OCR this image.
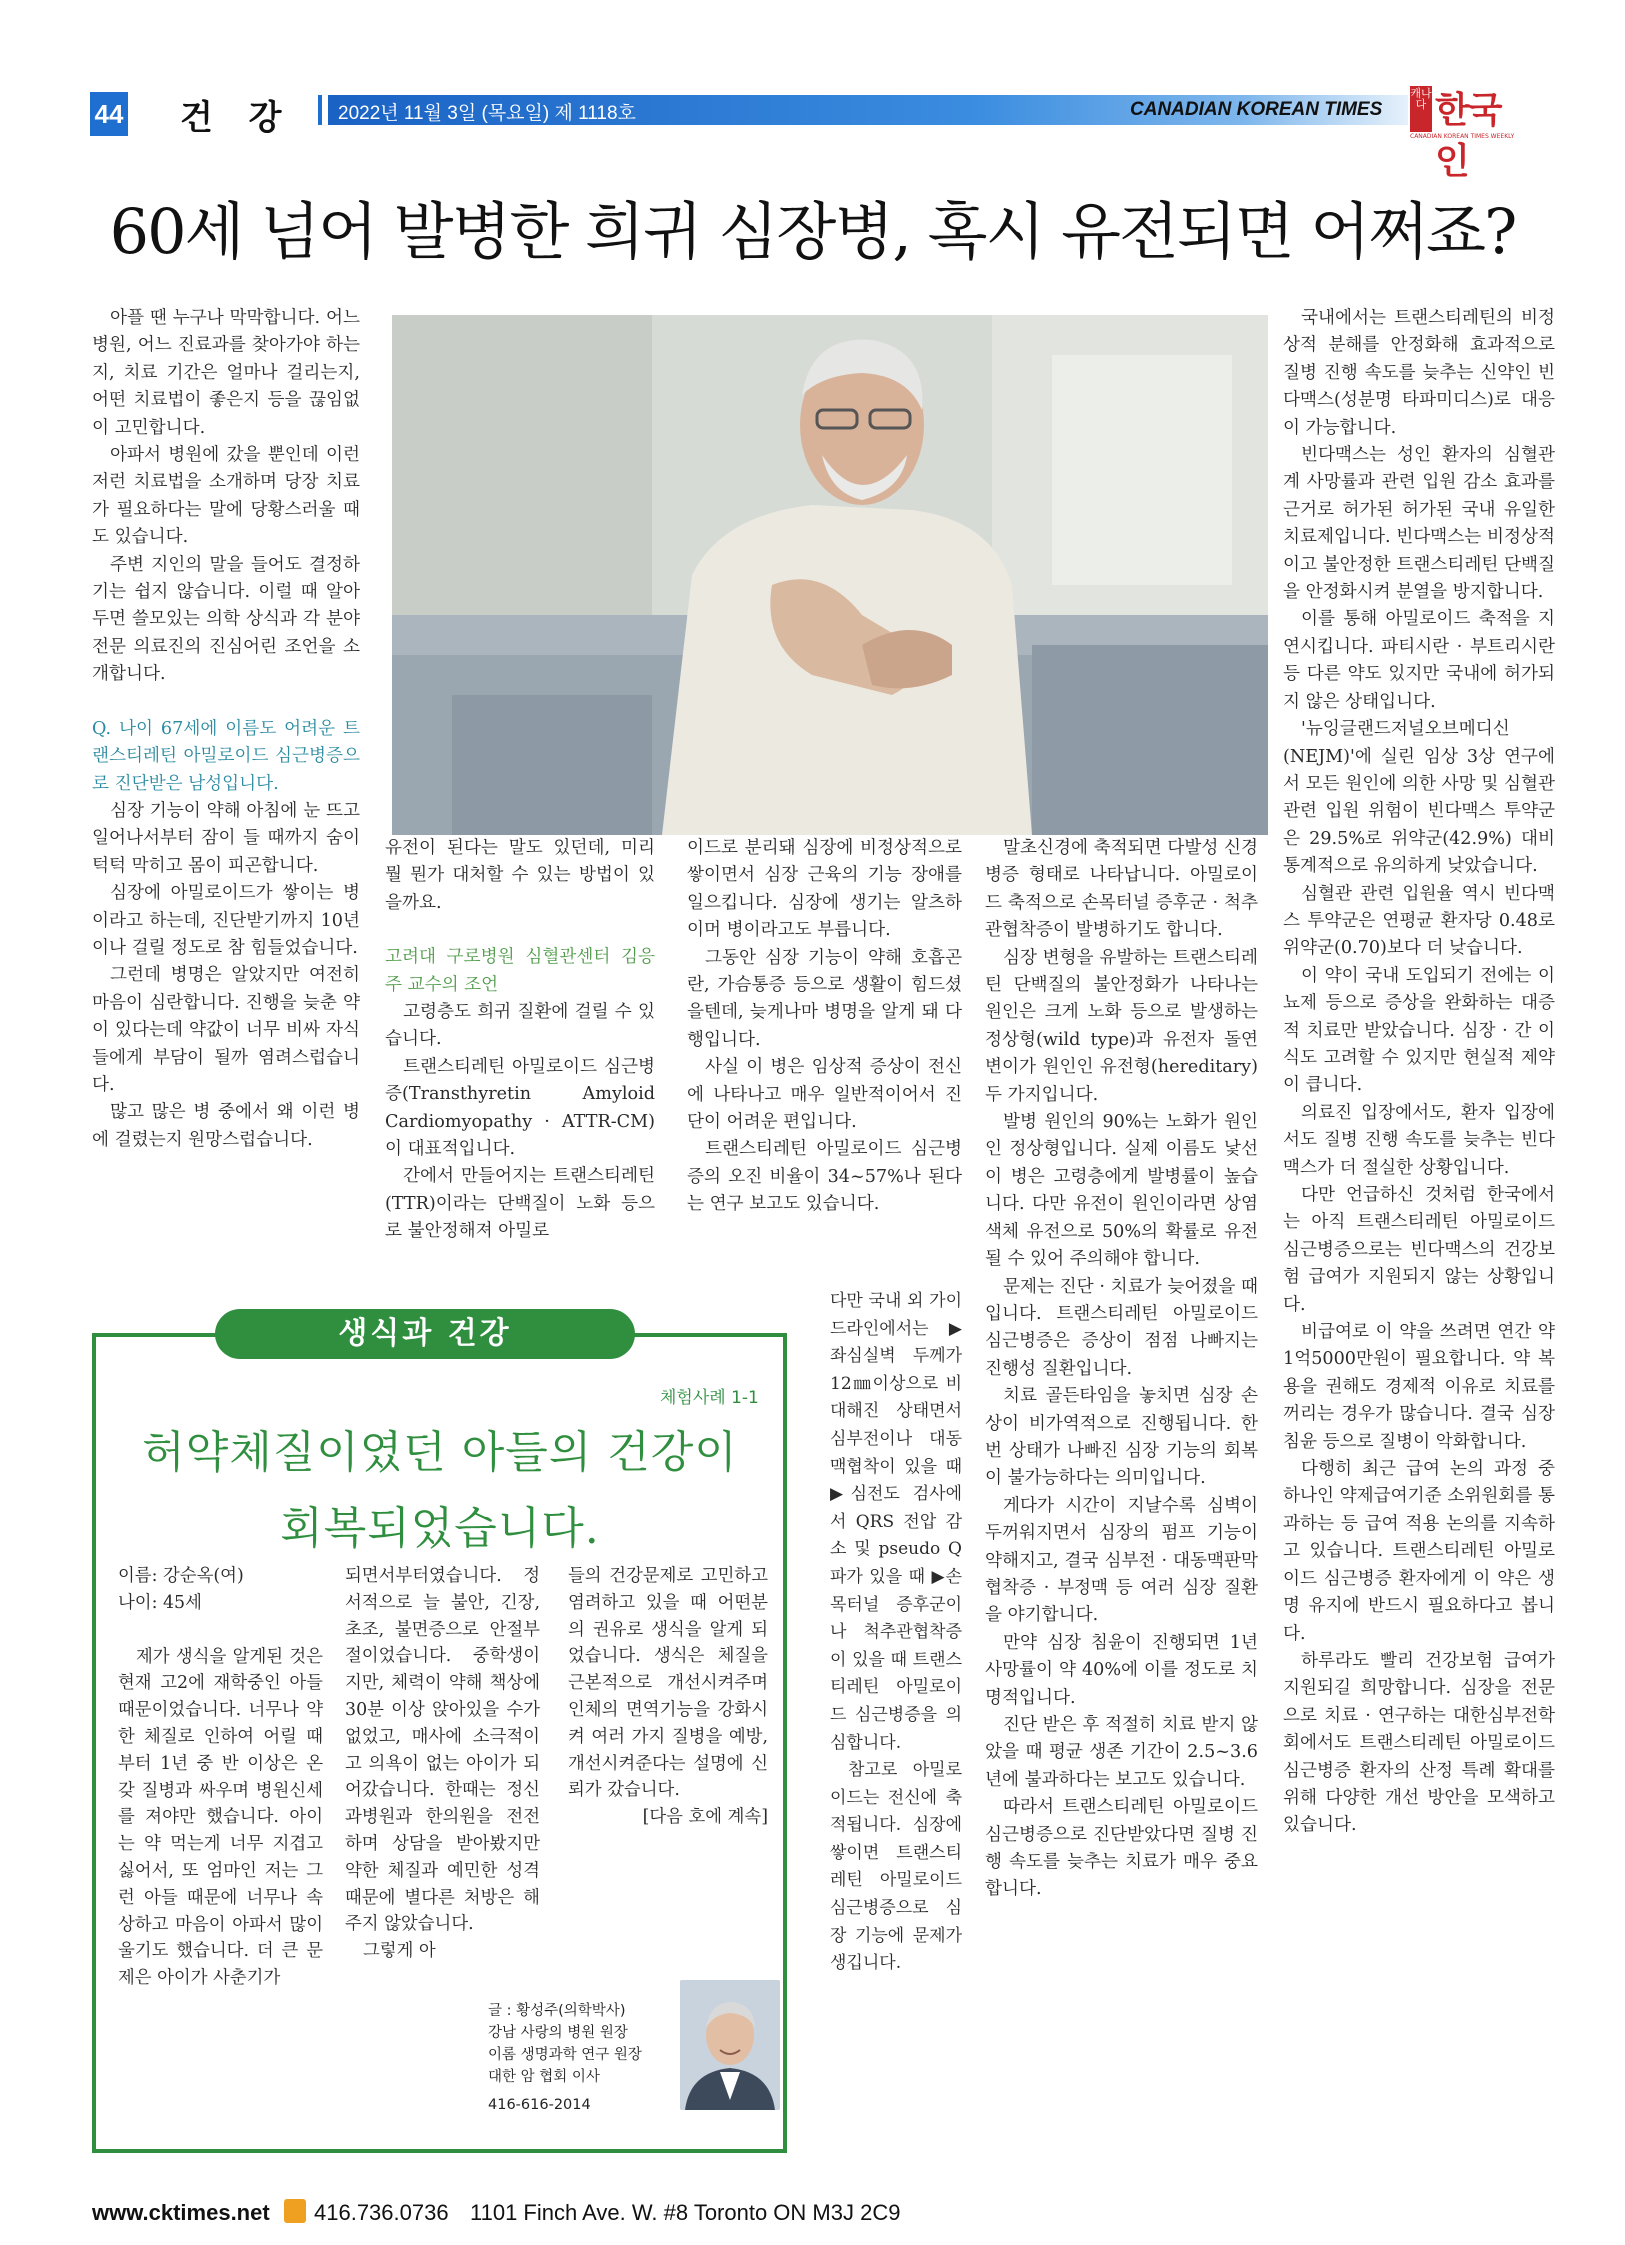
44 건 강 2022년 11월 3일 (목요일) 제 1118호	CANADIAN KOREAN TIMES
캐나다 한국인
CANADIAN KOREAN TIMES WEEKLY
60세 넘어 발병한 희귀 심장병, 혹시 유전되면 어쩌죠?

아플 땐 누구나 막막합니다. 어느 병원, 어느 진료과를 찾아가야 하는지, 치료 기간은 얼마나 걸리는지, 어떤 치료법이 좋은지 등을 끊임없이 고민합니다.

아파서 병원에 갔을 뿐인데 이런저런 치료법을 소개하며 당장 치료가 필요하다는 말에 당황스러울 때도 있습니다.

주변 지인의 말을 들어도 결정하기는 쉽지 않습니다. 이럴 때 알아두면 쓸모있는 의학 상식과 각 분야 전문 의료진의 진심어린 조언을 소개합니다.

Q. 나이 67세에 이름도 어려운 트랜스티레틴 아밀로이드 심근병증으로 진단받은 남성입니다.

심장 기능이 약해 아침에 눈 뜨고 일어나서부터 잠이 들 때까지 숨이 턱턱 막히고 몸이 피곤합니다.

심장에 아밀로이드가 쌓이는 병이라고 하는데, 진단받기까지 10년이나 걸릴 정도로 참 힘들었습니다.

그런데 병명은 알았지만 여전히 마음이 심란합니다. 진행을 늦춘 약이 있다는데 약값이 너무 비싸 자식들에게 부담이 될까 염려스럽습니다.

많고 많은 병 중에서 왜 이런 병에 걸렸는지 원망스럽습니다.

유전이 된다는 말도 있던데, 미리 뭘 뭔가 대처할 수 있는 방법이 있을까요.

고려대 구로병원 심혈관센터 김응주 교수의 조언

고령층도 희귀 질환에 걸릴 수 있습니다.

트랜스티레틴 아밀로이드 심근병증(Transthyretin Amyloid Cardiomyopathy · ATTR-CM)이 대표적입니다.

간에서 만들어지는 트랜스티레틴(TTR)이라는 단백질이 노화 등으로 불안정해져 아밀로

이드로 분리돼 심장에 비정상적으로 쌓이면서 심장 근육의 기능 장애를 일으킵니다. 심장에 생기는 알츠하이머 병이라고도 부릅니다.

그동안 심장 기능이 약해 호흡곤란, 가슴통증 등으로 생활이 힘드셨을텐데, 늦게나마 병명을 알게 돼 다행입니다.

사실 이 병은 임상적 증상이 전신에 나타나고 매우 일반적이어서 진단이 어려운 편입니다.

트랜스티레틴 아밀로이드 심근병증의 오진 비율이 34~57%나 된다는 연구 보고도 있습니다.

다만 국내 외 가이드라인에서는 ▶좌심실벽 두께가 12㎜이상으로 비대해진 상태면서 심부전이나 대동맥협착이 있을 때 ▶심전도 검사에서 QRS 전압 감소 및 pseudo Q파가 있을 때 ▶손목터널 증후군이나 척추관협착증이 있을 때 트랜스티레틴 아밀로이드 심근병증을 의심합니다.

참고로 아밀로이드는 전신에 축적됩니다. 심장에 쌓이면 트랜스티레틴 아밀로이드 심근병증으로 심장 기능에 문제가 생깁니다.

말초신경에 축적되면 다발성 신경병증 형태로 나타납니다. 아밀로이드 축적으로 손목터널 증후군 · 척추관협착증이 발병하기도 합니다.

심장 변형을 유발하는 트랜스티레틴 단백질의 불안정화가 나타나는 원인은 크게 노화 등으로 발생하는 정상형(wild type)과 유전자 돌연변이가 원인인 유전형(hereditary) 두 가지입니다.

발병 원인의 90%는 노화가 원인인 정상형입니다. 실제 이름도 낯선 이 병은 고령층에게 발병률이 높습니다. 다만 유전이 원인이라면 상염색체 유전으로 50%의 확률로 유전될 수 있어 주의해야 합니다.

문제는 진단 · 치료가 늦어졌을 때입니다. 트랜스티레틴 아밀로이드 심근병증은 증상이 점점 나빠지는 진행성 질환입니다.

치료 골든타임을 놓치면 심장 손상이 비가역적으로 진행됩니다. 한 번 상태가 나빠진 심장 기능의 회복이 불가능하다는 의미입니다.

게다가 시간이 지날수록 심벽이 두꺼워지면서 심장의 펌프 기능이 약해지고, 결국 심부전 · 대동맥판막협착증 · 부정맥 등 여러 심장 질환을 야기합니다.

만약 심장 침윤이 진행되면 1년 사망률이 약 40%에 이를 정도로 치명적입니다.

진단 받은 후 적절히 치료 받지 않았을 때 평균 생존 기간이 2.5~3.6년에 불과하다는 보고도 있습니다.

따라서 트랜스티레틴 아밀로이드 심근병증으로 진단받았다면 질병 진행 속도를 늦추는 치료가 매우 중요합니다.

국내에서는 트랜스티레틴의 비정상적 분해를 안정화해 효과적으로 질병 진행 속도를 늦추는 신약인 빈다맥스(성분명 타파미디스)로 대응이 가능합니다.

빈다맥스는 성인 환자의 심혈관계 사망률과 관련 입원 감소 효과를 근거로 허가된 허가된 국내 유일한 치료제입니다. 빈다맥스는 비정상적이고 불안정한 트랜스티레틴 단백질을 안정화시켜 분열을 방지합니다.

이를 통해 아밀로이드 축적을 지연시킵니다. 파티시란 · 부트리시란 등 다른 약도 있지만 국내에 허가되지 않은 상태입니다.

'뉴잉글랜드저널오브메디신(NEJM)'에 실린 임상 3상 연구에서 모든 원인에 의한 사망 및 심혈관 관련 입원 위험이 빈다맥스 투약군은 29.5%로 위약군(42.9%) 대비 통계적으로 유의하게 낮았습니다.

심혈관 관련 입원율 역시 빈다맥스 투약군은 연평균 환자당 0.48로 위약군(0.70)보다 더 낮습니다.

이 약이 국내 도입되기 전에는 이뇨제 등으로 증상을 완화하는 대증적 치료만 받았습니다. 심장 · 간 이식도 고려할 수 있지만 현실적 제약이 큽니다.

의료진 입장에서도, 환자 입장에서도 질병 진행 속도를 늦추는 빈다맥스가 더 절실한 상황입니다.

다만 언급하신 것처럼 한국에서는 아직 트랜스티레틴 아밀로이드 심근병증으로는 빈다맥스의 건강보험 급여가 지원되지 않는 상황입니다.

비급여로 이 약을 쓰려면 연간 약 1억5000만원이 필요합니다. 약 복용을 권해도 경제적 이유로 치료를 꺼리는 경우가 많습니다. 결국 심장 침윤 등으로 질병이 악화합니다.

다행히 최근 급여 논의 과정 중 하나인 약제급여기준 소위원회를 통과하는 등 급여 적용 논의를 지속하고 있습니다. 트랜스티레틴 아밀로이드 심근병증 환자에게 이 약은 생명 유지에 반드시 필요하다고 봅니다.

하루라도 빨리 건강보험 급여가 지원되길 희망합니다. 심장을 전문으로 치료 · 연구하는 대한심부전학회에서도 트랜스티레틴 아밀로이드 심근병증 환자의 산정 특례 확대를 위해 다양한 개선 방안을 모색하고 있습니다.

생식과 건강
체험사례 1-1
허약체질이였던 아들의 건강이
회복되었습니다.

이름: 강순옥(여)

나이: 45세

제가 생식을 알게된 것은 현재 고2에 재학중인 아들 때문이었습니다. 너무나 약한 체질로 인하여 어릴 때부터 1년 중 반 이상은 온갖 질병과 싸우며 병원신세를 져야만 했습니다. 아이는 약 먹는게 너무 지겹고 싫어서, 또 엄마인 저는 그런 아들 때문에 너무나 속상하고 마음이 아파서 많이 울기도 했습니다. 더 큰 문제은 아이가 사춘기가

되면서부터였습니다. 정서적으로 늘 불안, 긴장, 초조, 불면증으로 안절부절이었습니다. 중학생이지만, 체력이 약해 책상에 30분 이상 앉아있을 수가 없었고, 매사에 소극적이고 의욕이 없는 아이가 되어갔습니다. 한때는 정신과병원과 한의원을 전전하며 상담을 받아봤지만 약한 체질과 예민한 성격 때문에 별다른 처방은 해주지 않았습니다.

그렇게 아

들의 건강문제로 고민하고 염려하고 있을 때 어떤분의 권유로 생식을 알게 되었습니다. 생식은 체질을 근본적으로 개선시켜주며 인체의 면역기능을 강화시켜 여러 가지 질병을 예방, 개선시켜준다는 설명에 신뢰가 갔습니다.

[다음 호에 계속]

글 : 황성주(의학박사)
강남 사랑의 병원 원장
이롬 생명과학 연구 원장
대한 암 협회 이사
416-616-2014
www.cktimes.net 416.736.0736 1101 Finch Ave. W. #8 Toronto ON M3J 2C9
